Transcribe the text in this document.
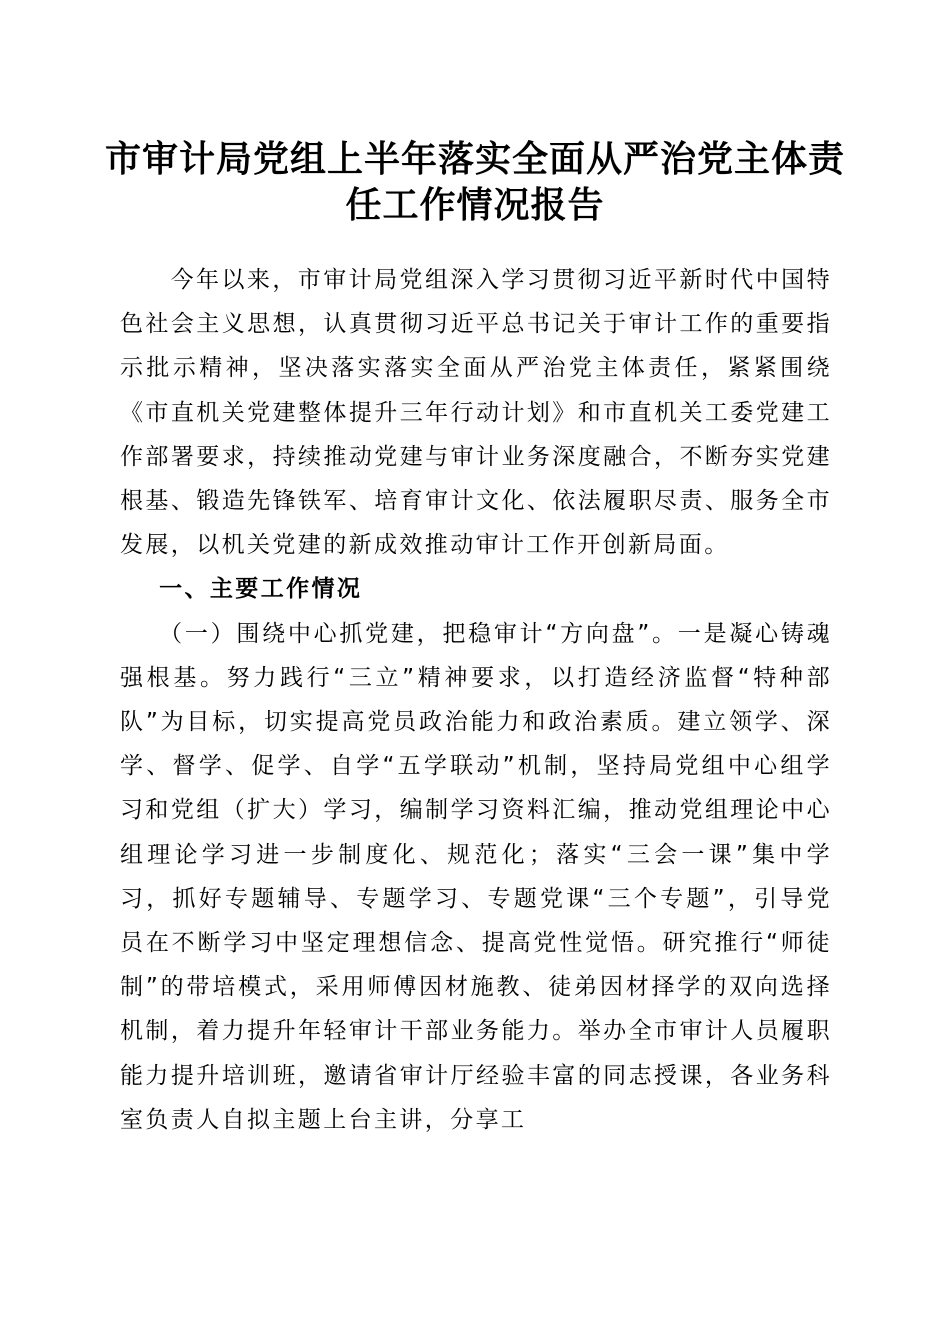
市审计局党组上半年落实全面从严治党主体责
任工作情况报告

今年以来，市审计局党组深入学习贯彻习近平新时代中国特色社会主义思想，认真贯彻习近平总书记关于审计工作的重要指示批示精神，坚决落实落实全面从严治党主体责任，紧紧围绕《市直机关党建整体提升三年行动计划》和市直机关工委党建工作部署要求，持续推动党建与审计业务深度融合，不断夯实党建根基、锻造先锋铁军、培育审计文化、依法履职尽责、服务全市发展，以机关党建的新成效推动审计工作开创新局面。

一、主要工作情况

（一）围绕中心抓党建，把稳审计“方向盘”。一是凝心铸魂强根基。努力践行“三立”精神要求，以打造经济监督“特种部队”为目标，切实提高党员政治能力和政治素质。建立领学、深学、督学、促学、自学“五学联动”机制，坚持局党组中心组学习和党组（扩大）学习，编制学习资料汇编，推动党组理论中心组理论学习进一步制度化、规范化；落实“三会一课”集中学习，抓好专题辅导、专题学习、专题党课“三个专题”，引导党员在不断学习中坚定理想信念、提高党性觉悟。研究推行“师徒制”的带培模式，采用师傅因材施教、徒弟因材择学的双向选择机制，着力提升年轻审计干部业务能力。举办全市审计人员履职能力提升培训班，邀请省审计厅经验丰富的同志授课，各业务科室负责人自拟主题上台主讲，分享工
